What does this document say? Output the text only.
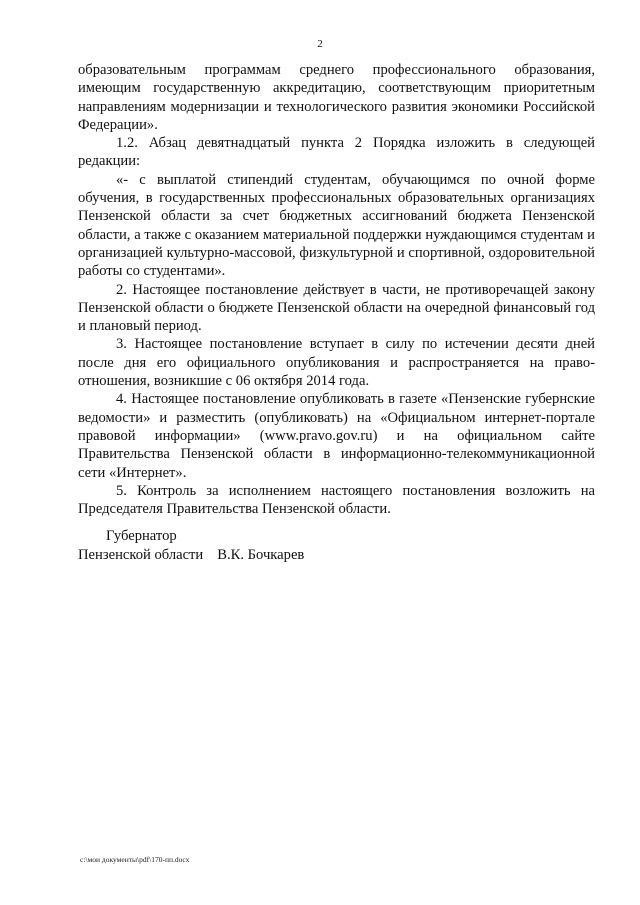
2

образовательным программам среднего профессионального образования, имеющим государственную аккредитацию, соответствующим приоритетным направлениям модернизации и технологического развития экономики Российской Федерации».

1.2. Абзац девятнадцатый пункта 2 Порядка изложить в следующей редакции:

«- с выплатой стипендий студентам, обучающимся по очной форме обучения, в государственных профессиональных образовательных организациях Пензенской области за счет бюджетных ассигнований бюджета Пензенской области, а также с оказанием материальной поддержки нуждающимся студентам и организацией культурно-массовой, физкультурной и спортивной, оздоровительной работы со студентами».

2. Настоящее постановление действует в части, не противоречащей закону Пензенской области о бюджете Пензенской области на очередной финансовый год и плановый период.

3. Настоящее постановление вступает в силу по истечении десяти дней после дня его официального опубликования и распространяется на право-отношения, возникшие с 06 октября 2014 года.

4. Настоящее постановление опубликовать в газете «Пензенские губернские ведомости» и разместить (опубликовать) на «Официальном интернет-портале правовой информации» (www.pravo.gov.ru) и на официальном сайте Правительства Пензенской области в информационно-телекоммуникационной сети «Интернет».

5. Контроль за исполнением настоящего постановления возложить на Председателя Правительства Пензенской области.

Губернатор
Пензенской области В.К. Бочкарев
c:\мои документы\pdf\170-пп.docx
